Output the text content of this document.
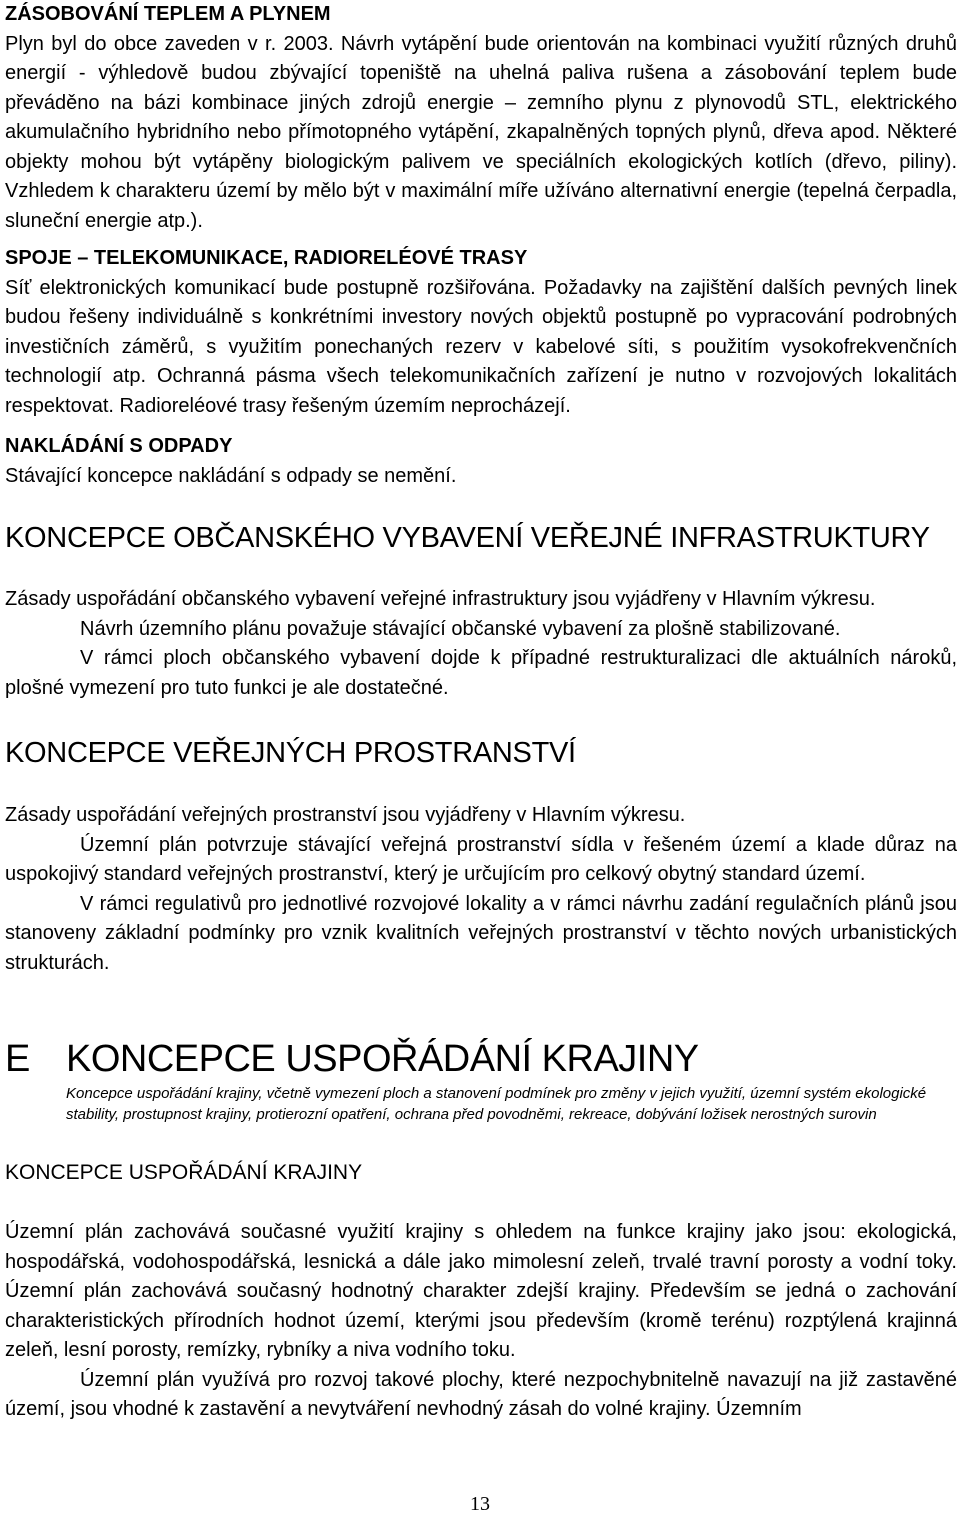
ZÁSOBOVÁNÍ TEPLEM A PLYNEM

Plyn byl do obce zaveden v r. 2003. Návrh vytápění bude orientován na kombinaci využití různých druhů energií - výhledově budou zbývající topeniště na uhelná paliva rušena a zásobování teplem bude převáděno na bázi kombinace jiných zdrojů energie – zemního plynu z plynovodů STL, elektrického akumulačního hybridního nebo přímotopného vytápění, zkapalněných topných plynů, dřeva apod. Některé objekty mohou být vytápěny biologickým palivem ve speciálních ekologických kotlích (dřevo, piliny). Vzhledem k charakteru území by mělo být v maximální míře užíváno alternativní energie (tepelná čerpadla, sluneční energie atp.).

SPOJE – TELEKOMUNIKACE, RADIORELÉOVÉ TRASY

Síť elektronických komunikací bude postupně rozšiřována. Požadavky na zajištění dalších pevných linek budou řešeny individuálně s konkrétními investory nových objektů postupně po vypracování podrobných investičních záměrů, s využitím ponechaných rezerv v kabelové síti, s použitím vysokofrekvenčních technologií atp. Ochranná pásma všech telekomunikačních zařízení je nutno v rozvojových lokalitách respektovat. Radioreléové trasy řešeným územím neprocházejí.

NAKLÁDÁNÍ S ODPADY

Stávající koncepce nakládání s odpady se nemění.

KONCEPCE OBČANSKÉHO VYBAVENÍ VEŘEJNÉ INFRASTRUKTURY

Zásady uspořádání občanského vybavení veřejné infrastruktury jsou vyjádřeny v Hlavním výkresu.

Návrh územního plánu považuje stávající občanské vybavení za plošně stabilizované.

V rámci ploch občanského vybavení dojde k případné restrukturalizaci dle aktuálních nároků, plošné vymezení pro tuto funkci je ale dostatečné.

KONCEPCE VEŘEJNÝCH PROSTRANSTVÍ

Zásady uspořádání veřejných prostranství jsou vyjádřeny v Hlavním výkresu.

Územní plán potvrzuje stávající veřejná prostranství sídla v řešeném území a klade důraz na uspokojivý standard veřejných prostranství, který je určujícím pro celkový obytný standard území.

V rámci regulativů pro jednotlivé rozvojové lokality a v rámci návrhu zadání regulačních plánů jsou stanoveny základní podmínky pro vznik kvalitních veřejných prostranství v těchto nových urbanistických strukturách.

E KONCEPCE USPOŘÁDÁNÍ KRAJINY
Koncepce uspořádání krajiny, včetně vymezení ploch a stanovení podmínek pro změny v jejich využití, územní systém ekologické stability, prostupnost krajiny, protierozní opatření, ochrana před povodněmi, rekreace, dobývání ložisek nerostných surovin
KONCEPCE USPOŘÁDÁNÍ KRAJINY

Územní plán zachovává současné využití krajiny s ohledem na funkce krajiny jako jsou: ekologická, hospodářská, vodohospodářská, lesnická a dále jako mimolesní zeleň, trvalé travní porosty a vodní toky. Územní plán zachovává současný hodnotný charakter zdejší krajiny. Především se jedná o zachování charakteristických přírodních hodnot území, kterými jsou především (kromě terénu) rozptýlená krajinná zeleň, lesní porosty, remízky, rybníky a niva vodního toku.

Územní plán využívá pro rozvoj takové plochy, které nezpochybnitelně navazují na již zastavěné území, jsou vhodné k zastavění a nevytváření nevhodný zásah do volné krajiny. Územním

13
